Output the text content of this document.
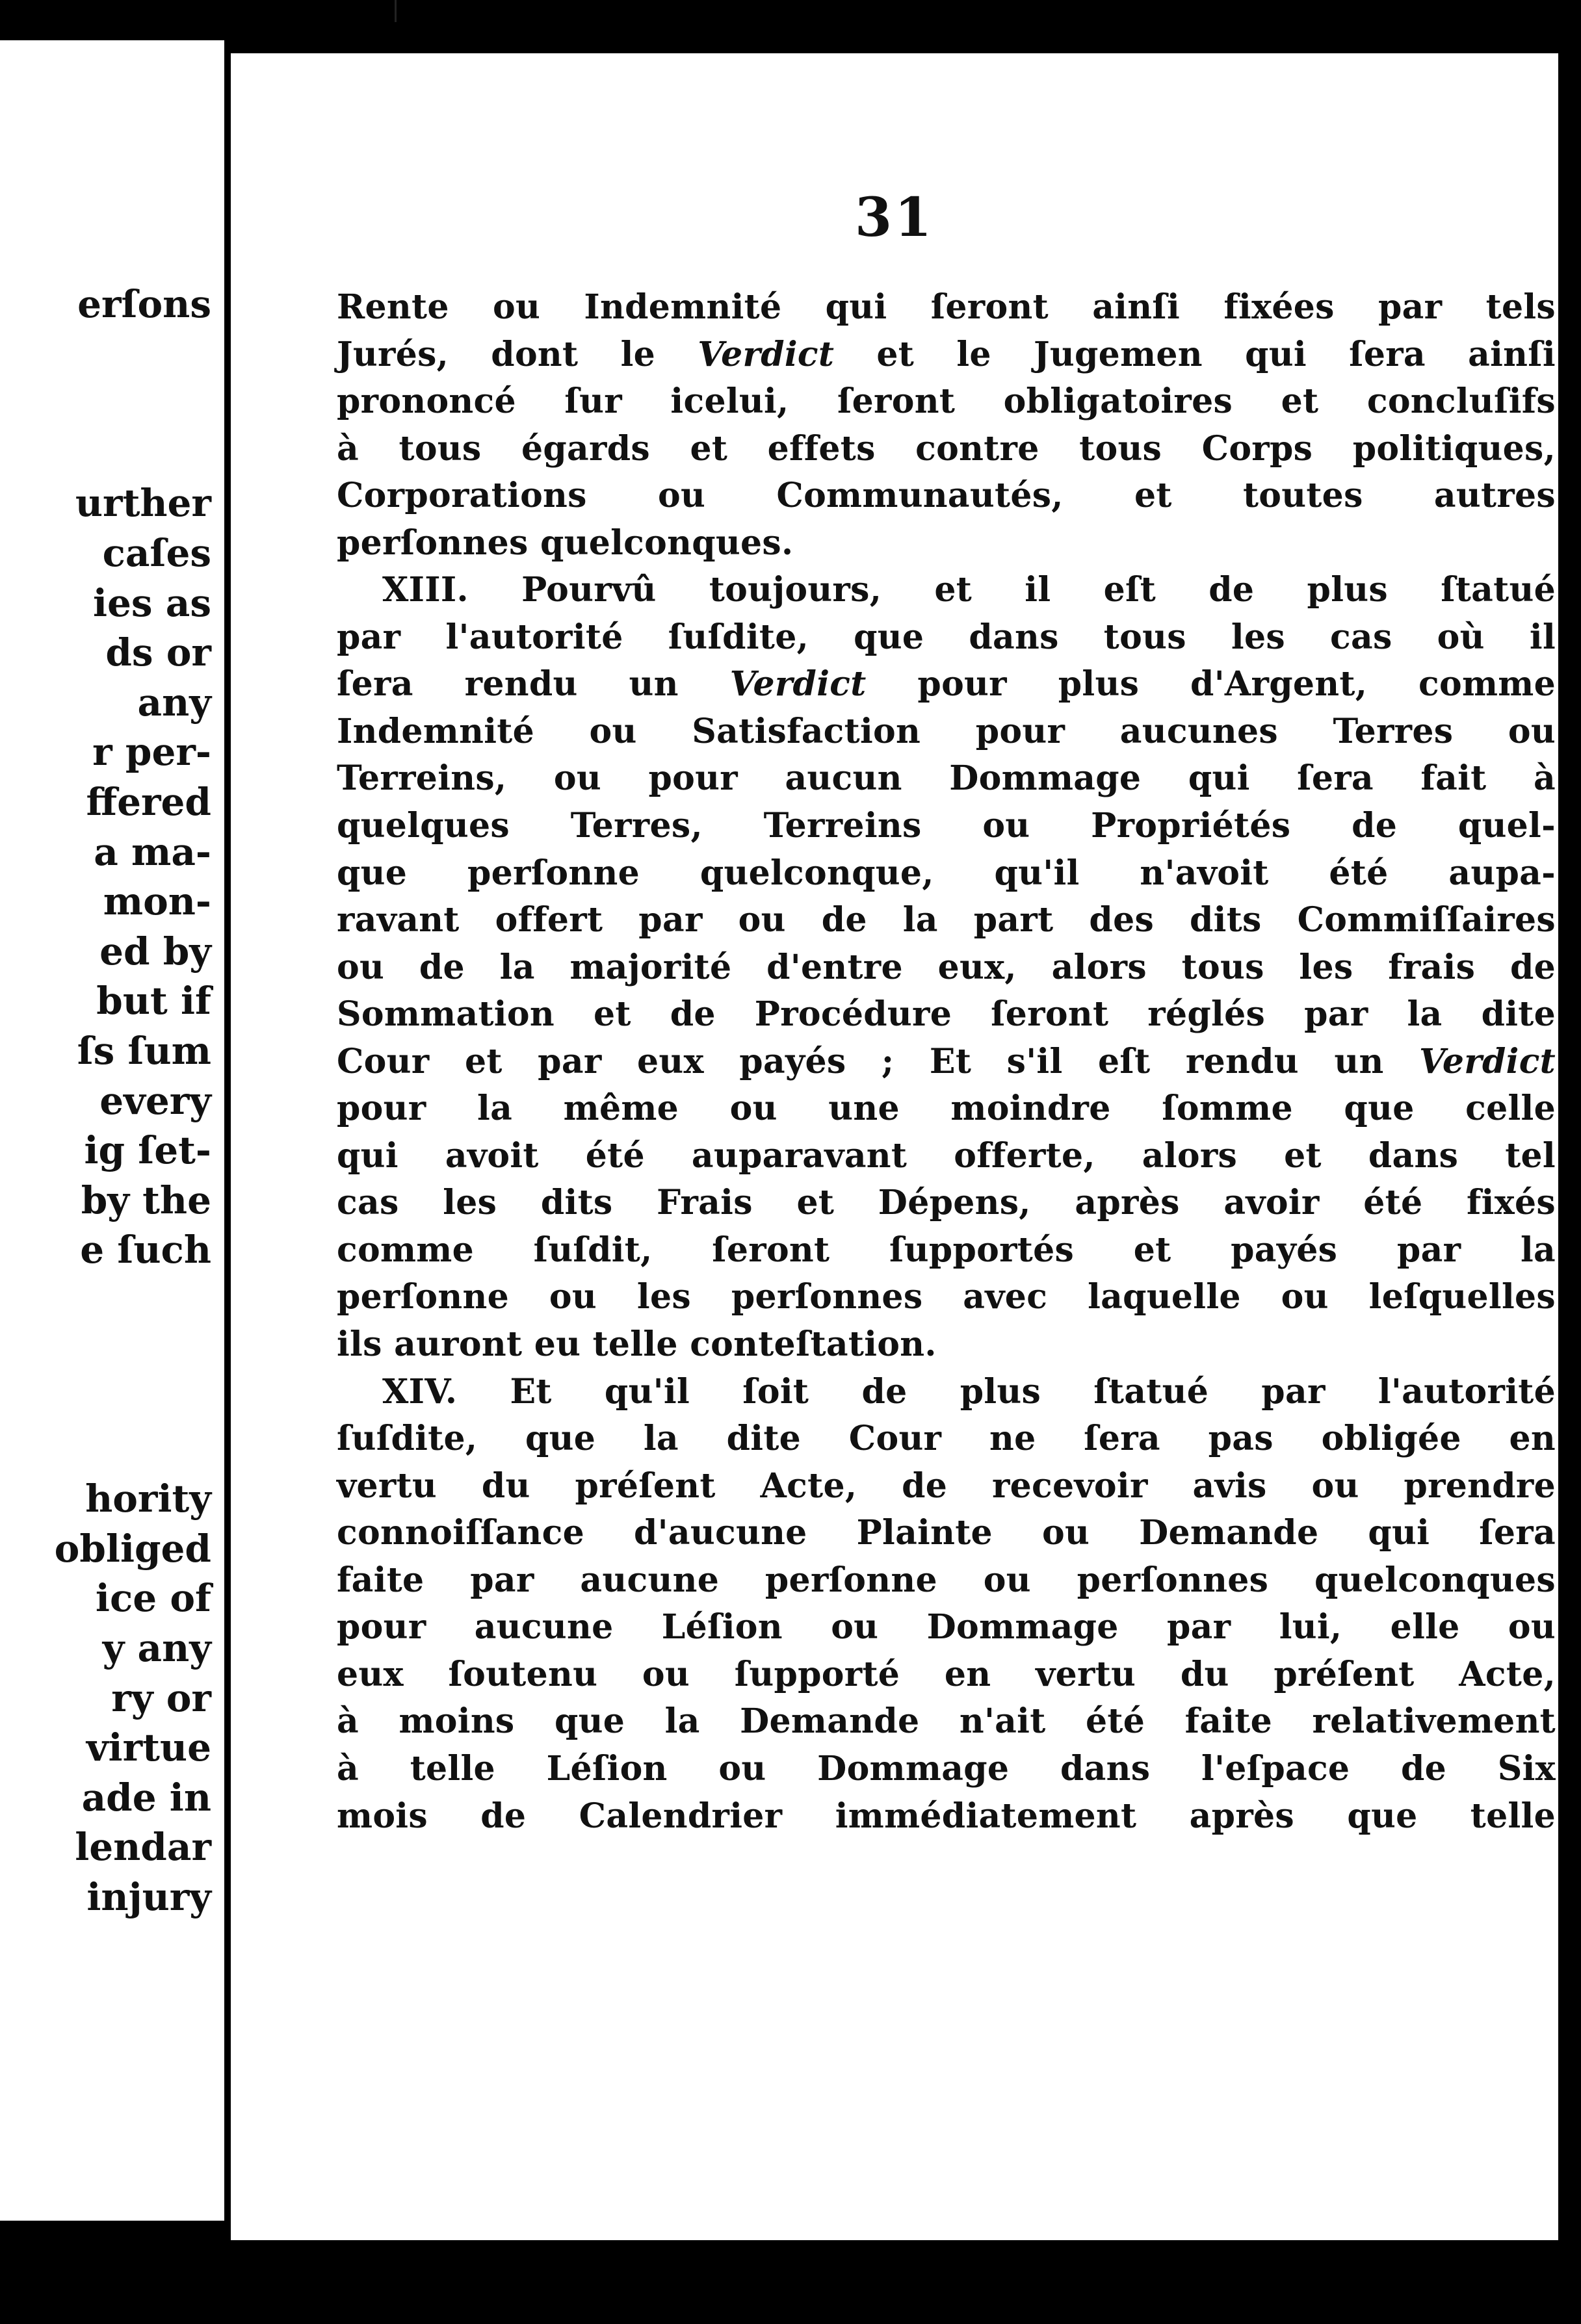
erſons
urther
caſes
ies as
ds or
any
r per-
ffered
a ma-
mon-
ed by
but if
ſs ſum
every
ig ſet-
by the
e ſuch
hority
obliged
ice of
y any
ry or
virtue
ade in
lendar
injury
31
Rente ou Indemnité qui ſeront ainſi fixées par tels
Jurés, dont le Verdict et le Jugemen qui ſera ainſi
prononcé ſur icelui, ſeront obligatoires et concluſifs
à tous égards et effets contre tous Corps politiques,
Corporations ou Communautés, et toutes autres
perſonnes quelconques.
XIII. Pourvû toujours, et il eſt de plus ſtatué
par l'autorité ſuſdite, que dans tous les cas où il
ſera rendu un Verdict pour plus d'Argent, comme
Indemnité ou Satisfaction pour aucunes Terres ou
Terreins, ou pour aucun Dommage qui ſera fait à
quelques Terres, Terreins ou Propriétés de quel-
que perſonne quelconque, qu'il n'avoit été aupa-
ravant offert par ou de la part des dits Commiſſaires
ou de la majorité d'entre eux, alors tous les frais de
Sommation et de Procédure ſeront réglés par la dite
Cour et par eux payés ; Et s'il eſt rendu un Verdict
pour la même ou une moindre ſomme que celle
qui avoit été auparavant offerte, alors et dans tel
cas les dits Frais et Dépens, après avoir été fixés
comme ſuſdit, ſeront ſupportés et payés par la
perſonne ou les perſonnes avec laquelle ou leſquelles
ils auront eu telle conteſtation.
XIV. Et qu'il ſoit de plus ſtatué par l'autorité
ſuſdite, que la dite Cour ne ſera pas obligée en
vertu du préſent Acte, de recevoir avis ou prendre
connoiſſance d'aucune Plainte ou Demande qui ſera
faite par aucune perſonne ou perſonnes quelconques
pour aucune Léſion ou Dommage par lui, elle ou
eux ſoutenu ou ſupporté en vertu du préſent Acte,
à moins que la Demande n'ait été faite relativement
à telle Léſion ou Dommage dans l'eſpace de Six
mois de Calendrier immédiatement après que telle
